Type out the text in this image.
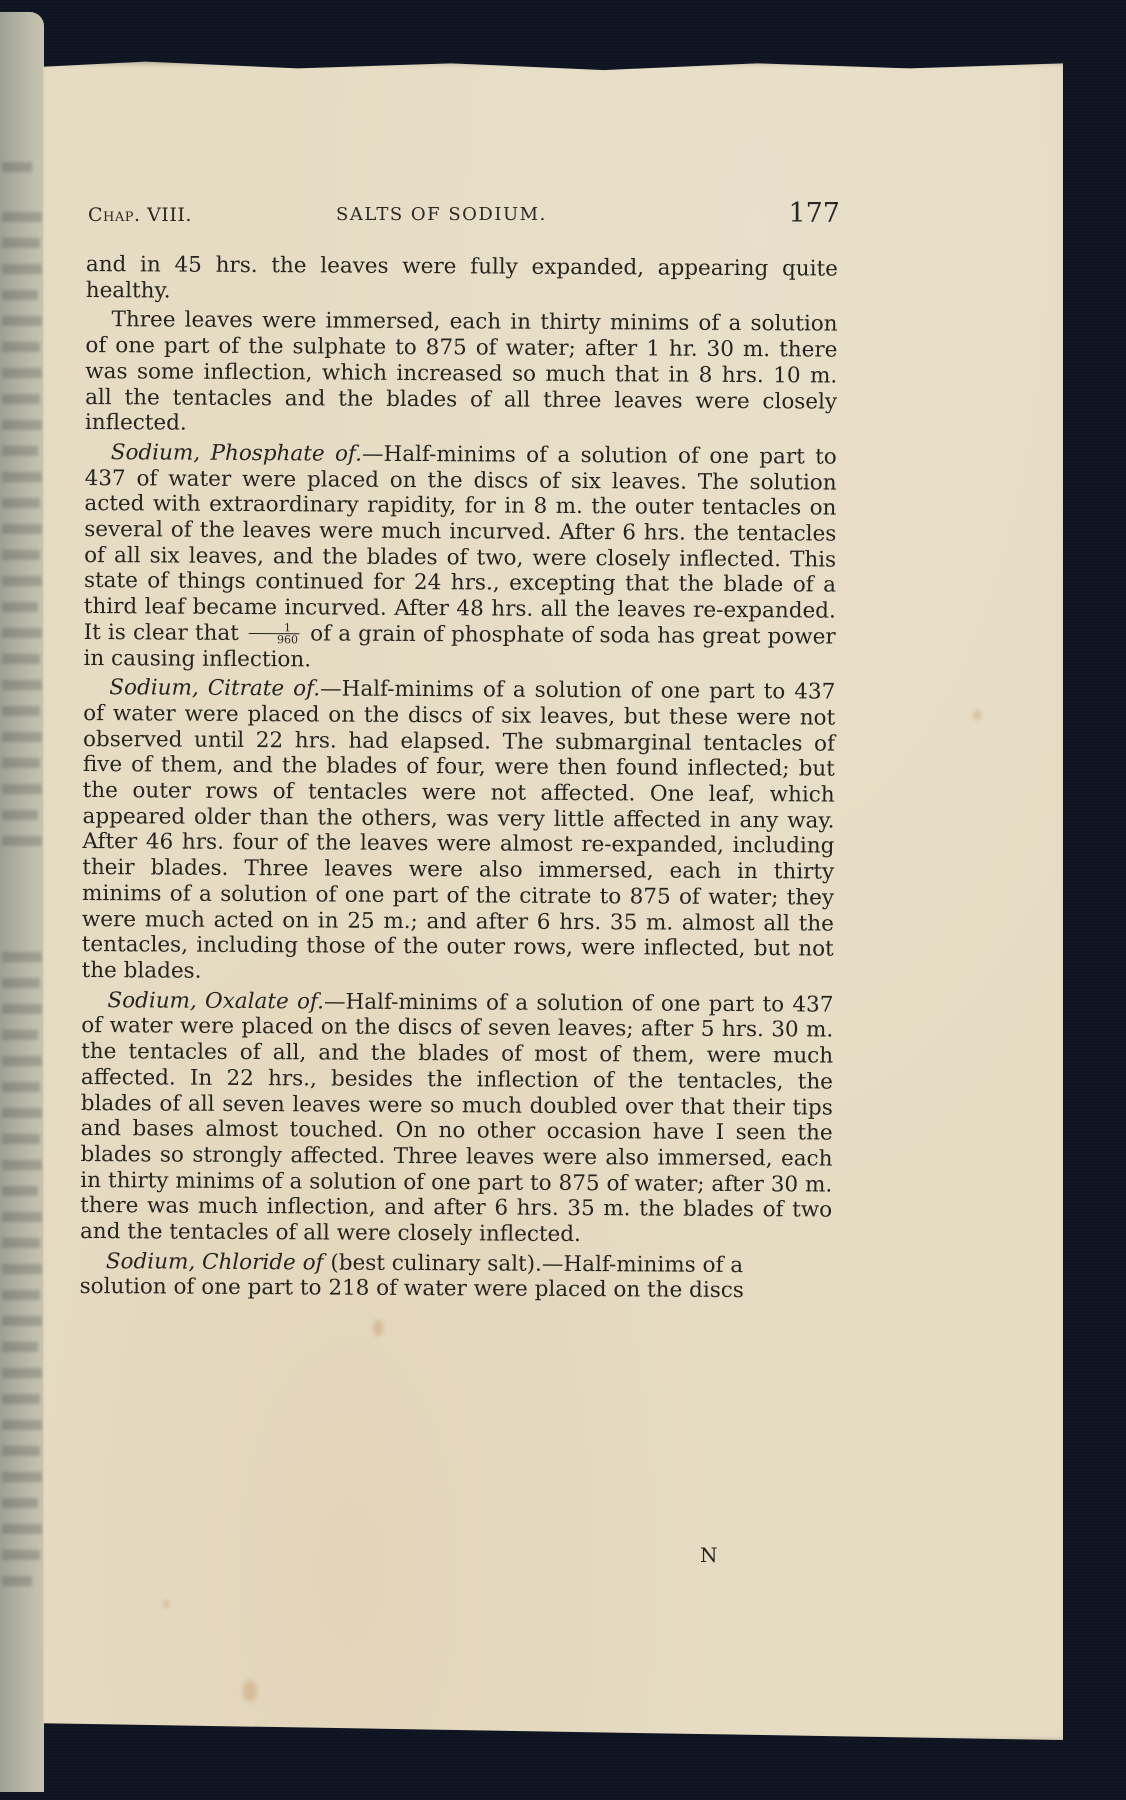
Chap. VIII.	SALTS OF SODIUM.	177

and in 45 hrs. the leaves were fully expanded, appearing quite healthy.

Three leaves were immersed, each in thirty minims of a solution of one part of the sulphate to 875 of water; after 1 hr. 30 m. there was some inflection, which increased so much that in 8 hrs. 10 m. all the tentacles and the blades of all three leaves were closely inflected.

Sodium, Phosphate of.—Half-minims of a solution of one part to 437 of water were placed on the discs of six leaves. The solution acted with extraordinary rapidity, for in 8 m. the outer tentacles on several of the leaves were much incurved. After 6 hrs. the tentacles of all six leaves, and the blades of two, were closely inflected. This state of things continued for 24 hrs., excepting that the blade of a third leaf became incurved. After 48 hrs. all the leaves re-expanded. It is clear that $\frac{1}{960}$ of a grain of phosphate of soda has great power in causing inflection.

Sodium, Citrate of.—Half-minims of a solution of one part to 437 of water were placed on the discs of six leaves, but these were not observed until 22 hrs. had elapsed. The submarginal tentacles of five of them, and the blades of four, were then found inflected; but the outer rows of tentacles were not affected. One leaf, which appeared older than the others, was very little affected in any way. After 46 hrs. four of the leaves were almost re-expanded, including their blades. Three leaves were also immersed, each in thirty minims of a solution of one part of the citrate to 875 of water; they were much acted on in 25 m.; and after 6 hrs. 35 m. almost all the tentacles, including those of the outer rows, were inflected, but not the blades.

Sodium, Oxalate of.—Half-minims of a solution of one part to 437 of water were placed on the discs of seven leaves; after 5 hrs. 30 m. the tentacles of all, and the blades of most of them, were much affected. In 22 hrs., besides the inflection of the tentacles, the blades of all seven leaves were so much doubled over that their tips and bases almost touched. On no other occasion have I seen the blades so strongly affected. Three leaves were also immersed, each in thirty minims of a solution of one part to 875 of water; after 30 m. there was much inflection, and after 6 hrs. 35 m. the blades of two and the tentacles of all were closely inflected.

Sodium, Chloride of (best culinary salt).—Half-minims of a solution of one part to 218 of water were placed on the discs

N
